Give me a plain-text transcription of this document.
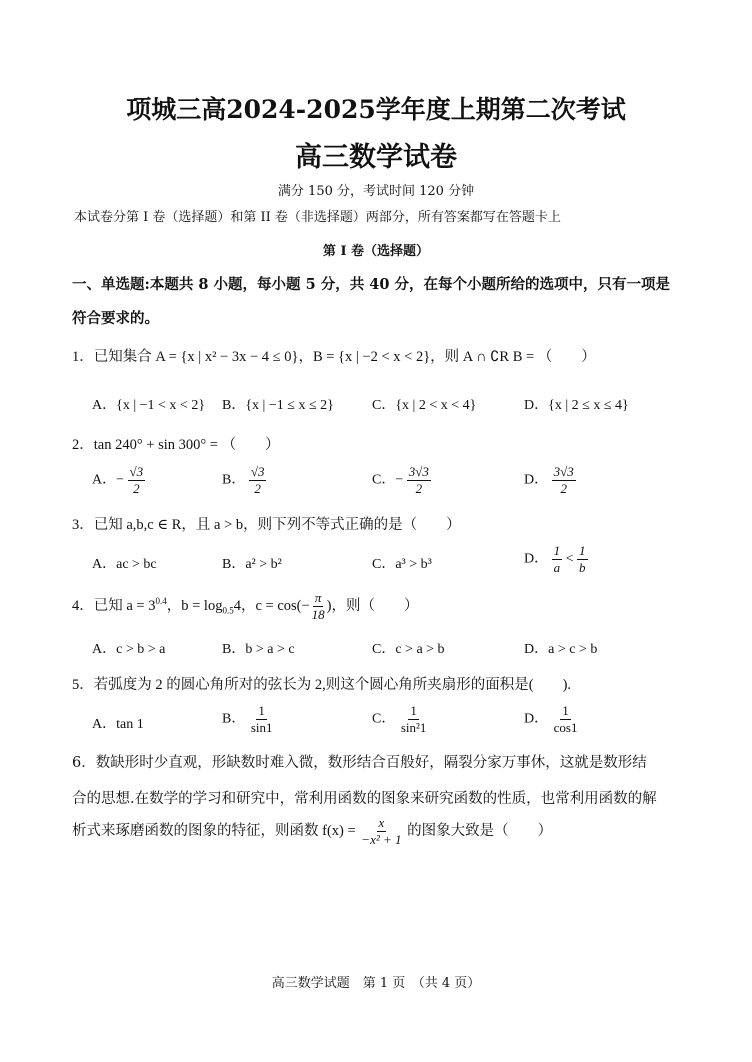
项城三高2024-2025学年度上期第二次考试
高三数学试卷
满分 150 分，考试时间 120 分钟
本试卷分第 I 卷（选择题）和第 II 卷（非选择题）两部分，所有答案都写在答题卡上
第 I 卷（选择题）
一、单选题:本题共 8 小题，每小题 5 分，共 40 分，在每个小题所给的选项中，只有一项是
符合要求的。
1．已知集合 A = {x | x² − 3x − 4 ≤ 0}，B = {x | −2 < x < 2}，则 A ∩ ∁R B = （　　）
A．{x | −1 < x < 2} B．{x | −1 ≤ x ≤ 2}	C．{x | 2 < x < 4}	D．{x | 2 ≤ x ≤ 4}
2．tan 240° + sin 300° = （　　）
A．− $\frac{√3}{2}$	B． $\frac{√3}{2}$	C．− $\frac{3√3}{2}$	D． $\frac{3√3}{2}$
3．已知 a,b,c ∈ R，且 a > b，则下列不等式正确的是（　　）
A．ac > bc	B．a² > b²	C．a³ > b³	D． $\frac{1}{a} < \frac{1}{b}$
4．已知 $a = 3^{0.4}$，$b = \log_{0.5}4$，$c = \cos(- \frac{\pi}{18}$ )，则（　　）
A．c > b > a	B．b > a > c	C．c > a > b	D．a > c > b
5．若弧度为 2 的圆心角所对的弦长为 2,则这个圆心角所夹扇形的面积是(　　).
A．tan 1	B． $\frac{1}{\sin 1}$	C． $\frac{1}{\text{sin²1}}$	D． $\frac{1}{\cos 1}$
6．数缺形时少直观，形缺数时难入微，数形结合百般好，隔裂分家万事休，这就是数形结
合的思想.在数学的学习和研究中，常利用函数的图象来研究函数的性质，也常利用函数的解
析式来琢磨函数的图象的特征，则函数 $f(x) = \frac{x}{\text{−x² + 1}}$ 的图象大致是（　　）
高三数学试题　第 1 页　（共 4 页）
